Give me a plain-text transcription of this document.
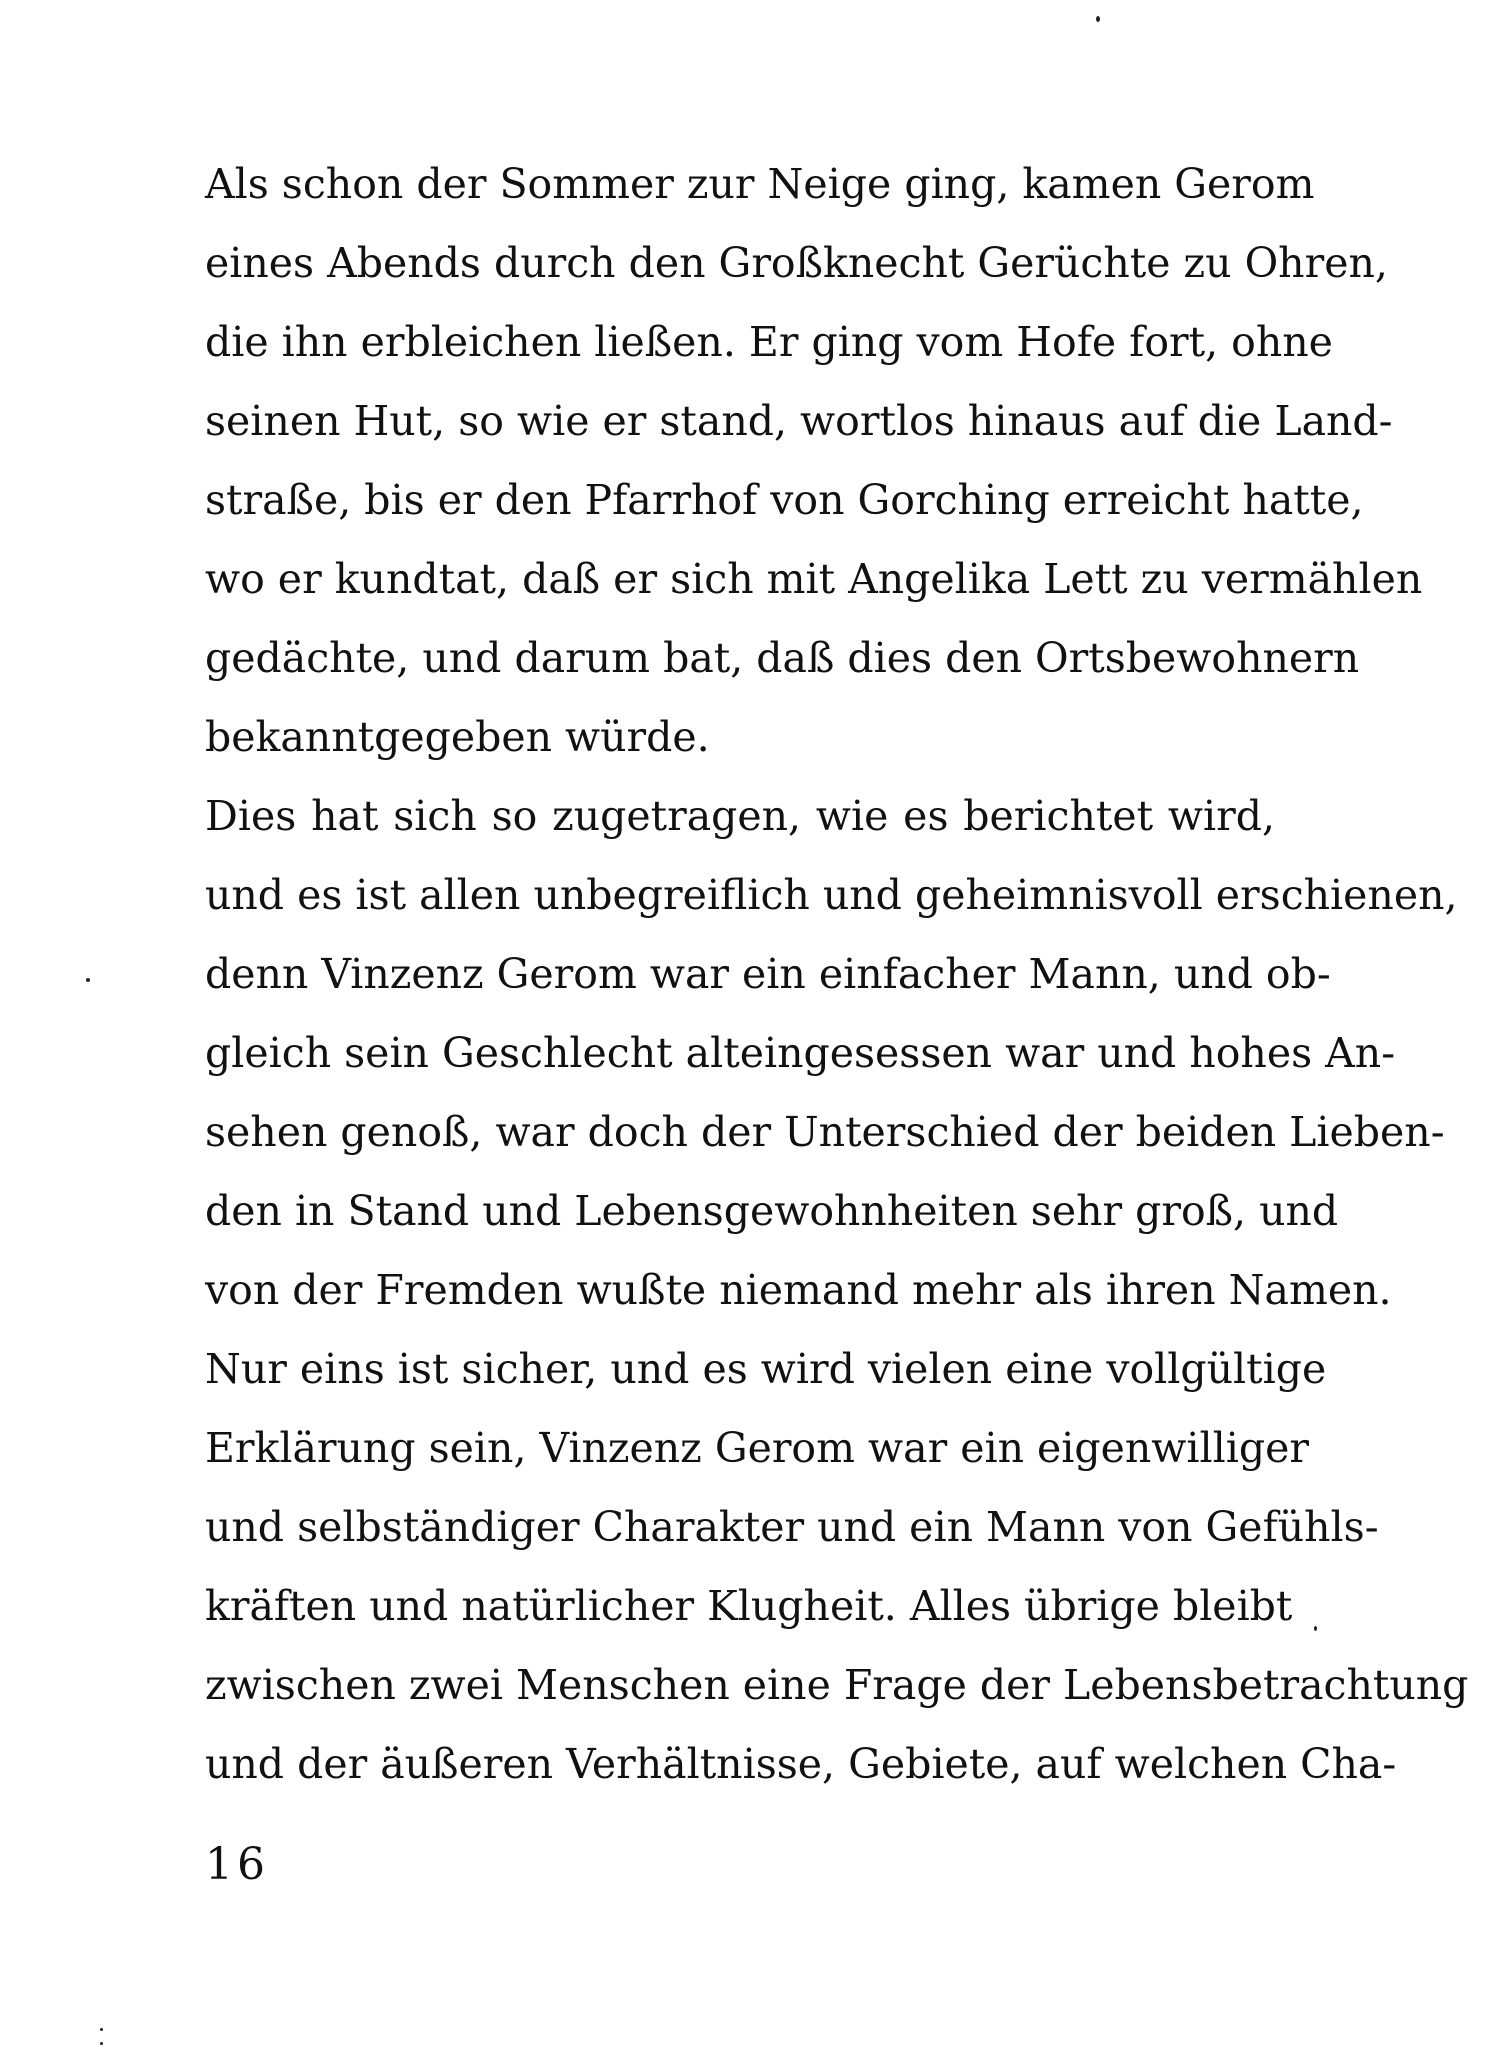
Als schon der Sommer zur Neige ging, kamen Gerom
eines Abends durch den Großknecht Gerüchte zu Ohren,
die ihn erbleichen ließen. Er ging vom Hofe fort, ohne
seinen Hut, so wie er stand, wortlos hinaus auf die Land-
straße, bis er den Pfarrhof von Gorching erreicht hatte,
wo er kundtat, daß er sich mit Angelika Lett zu vermählen
gedächte, und darum bat, daß dies den Ortsbewohnern
bekanntgegeben würde.
Dies hat sich so zugetragen, wie es berichtet wird,
und es ist allen unbegreiflich und geheimnisvoll erschienen,
denn Vinzenz Gerom war ein einfacher Mann, und ob-
gleich sein Geschlecht alteingesessen war und hohes An-
sehen genoß, war doch der Unterschied der beiden Lieben-
den in Stand und Lebensgewohnheiten sehr groß, und
von der Fremden wußte niemand mehr als ihren Namen.
Nur eins ist sicher, und es wird vielen eine vollgültige
Erklärung sein, Vinzenz Gerom war ein eigenwilliger
und selbständiger Charakter und ein Mann von Gefühls-
kräften und natürlicher Klugheit. Alles übrige bleibt
zwischen zwei Menschen eine Frage der Lebensbetrachtung
und der äußeren Verhältnisse, Gebiete, auf welchen Cha-
16
